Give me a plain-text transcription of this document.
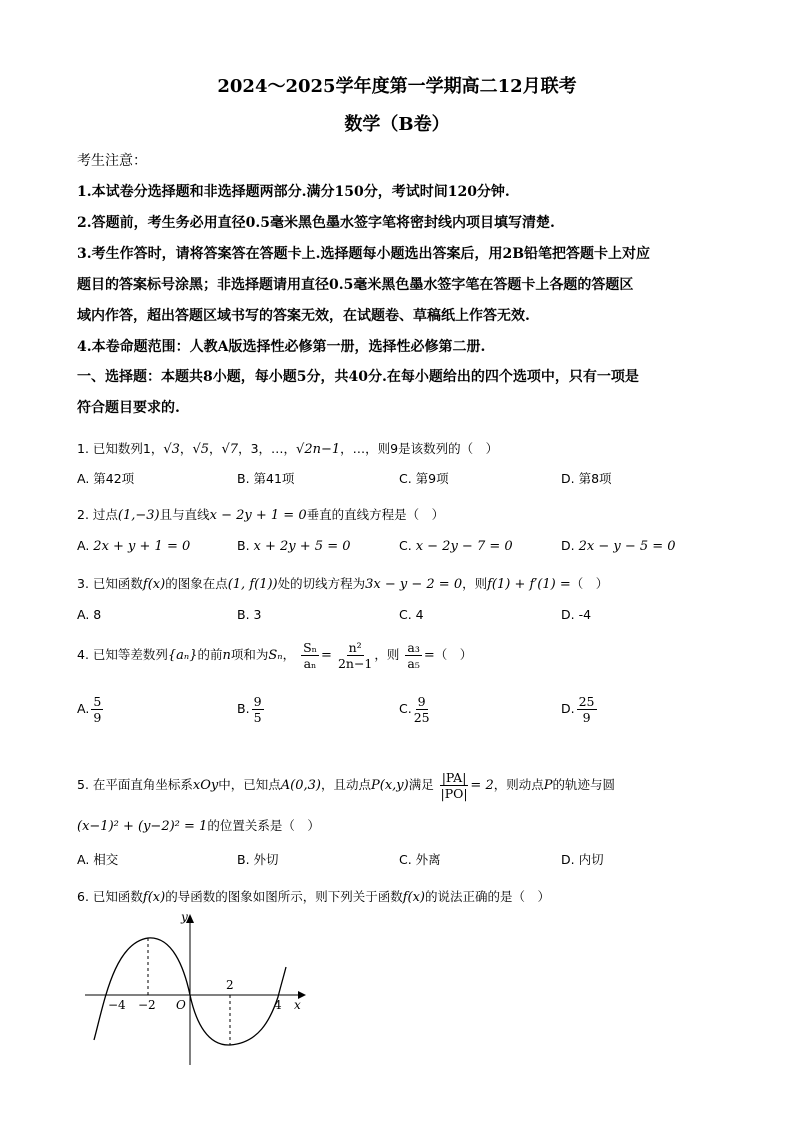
2024～2025学年度第一学期高二12月联考
数学（B卷）
考生注意：
1.本试卷分选择题和非选择题两部分.满分150分，考试时间120分钟.
2.答题前，考生务必用直径0.5毫米黑色墨水签字笔将密封线内项目填写清楚.
3.考生作答时，请将答案答在答题卡上.选择题每小题选出答案后，用2B铅笔把答题卡上对应
题目的答案标号涂黑；非选择题请用直径0.5毫米黑色墨水签字笔在答题卡上各题的答题区
域内作答，超出答题区域书写的答案无效，在试题卷、草稿纸上作答无效.
4.本卷命题范围：人教A版选择性必修第一册，选择性必修第二册.
一、选择题：本题共8小题，每小题5分，共40分.在每小题给出的四个选项中，只有一项是
符合题目要求的.
1. 已知数列1，√3，√5，√7，3，…，√2n−1，…，则9是该数列的（　）
A. 第42项	B. 第41项	C. 第9项	D. 第8项
2. 过点(1,−3)且与直线x − 2y + 1 = 0垂直的直线方程是（　）
A. 2x + y + 1 = 0	B. x + 2y + 5 = 0	C. x − 2y − 7 = 0	D. 2x − y − 5 = 0
3. 已知函数f(x)的图象在点(1, f(1))处的切线方程为3x − y − 2 = 0，则f(1) + f′(1) =（　）
A. 8	B. 3	C. 4	D. -4
4. 已知等差数列{aₙ}的前n项和为Sₙ， $\frac{\text{Sₙ}}{\text{aₙ}} = \frac{\text{n²}}{2n-1}$ ，则 $\frac{\text{a₃}}{\text{a₅}}$ =（　）
A. $\frac{5}{9}$	B. $\frac{9}{5}$	C. $\frac{9}{25}$	D. $\frac{25}{9}$
5. 在平面直角坐标系xOy中，已知点A(0,3)，且动点P(x,y)满足 $\frac{|PA|}{|PO|} = 2$，则动点P的轨迹与圆
(x−1)² + (y−2)² = 1的位置关系是（　）
A. 相交	B. 外切	C. 外离	D. 内切
6. 已知函数f(x)的导函数的图象如图所示，则下列关于函数f(x)的说法正确的是（　）
y
x
O
−4 −2
2
4
